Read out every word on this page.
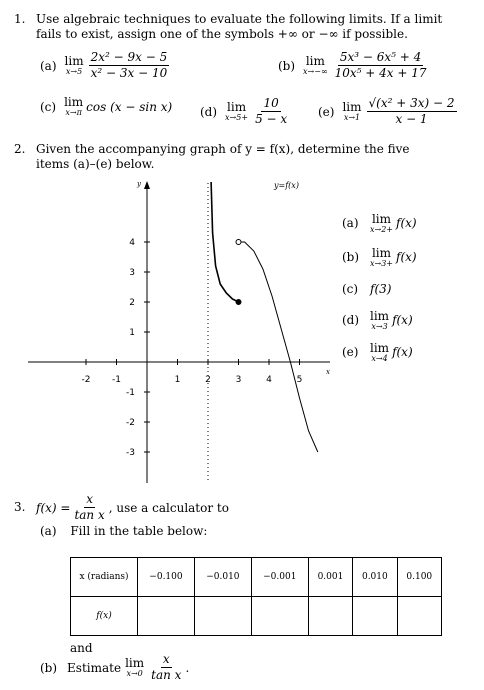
1. Use algebraic techniques to evaluate the following limits. If a limit
fails to exist, assign one of the symbols +∞ or −∞ if possible.
(a) lim
$x\to 5 \frac{\text{2x² − 9x − 5}}{\text{x² − 3x − 10}}$	(b) lim
$x\to-\infty \frac{\text{5x³ − 6x⁵ + 4}}{\text{10x⁵ + 4x + 17}}$
(c) lim
x→π cos (x − sin x) (d) lim
$x\to 5+ \frac{10}{5 - x} (e)$ lim
$x\to 1 \frac{\text{√(x² + 3x) − 2}}{x - 1}$
2. Given the accompanying graph of y = f(x), determine the five
items (a)–(e) below.
-2 -1	1	2	3	4	5
4
3
2
1
-1
-2
-3
x
y	y=f(x)
(a)	lim
x→2+ f(x)
(b)	lim
x→3+ f(x)
(c) f(3)
(d) lim
x→3 f(x)
(e) lim
x→4 f(x)
3. $f(x) = \frac{x}{\text{tan x}}$ , use a calculator to
(a) Fill in the table below:
x (radians)	−0.100	−0.010	−0.001	0.001	0.010	0.100
f(x)						
and
(b) Estimate lim
$x\to 0 \frac{x}{\text{tan x}}$ .
